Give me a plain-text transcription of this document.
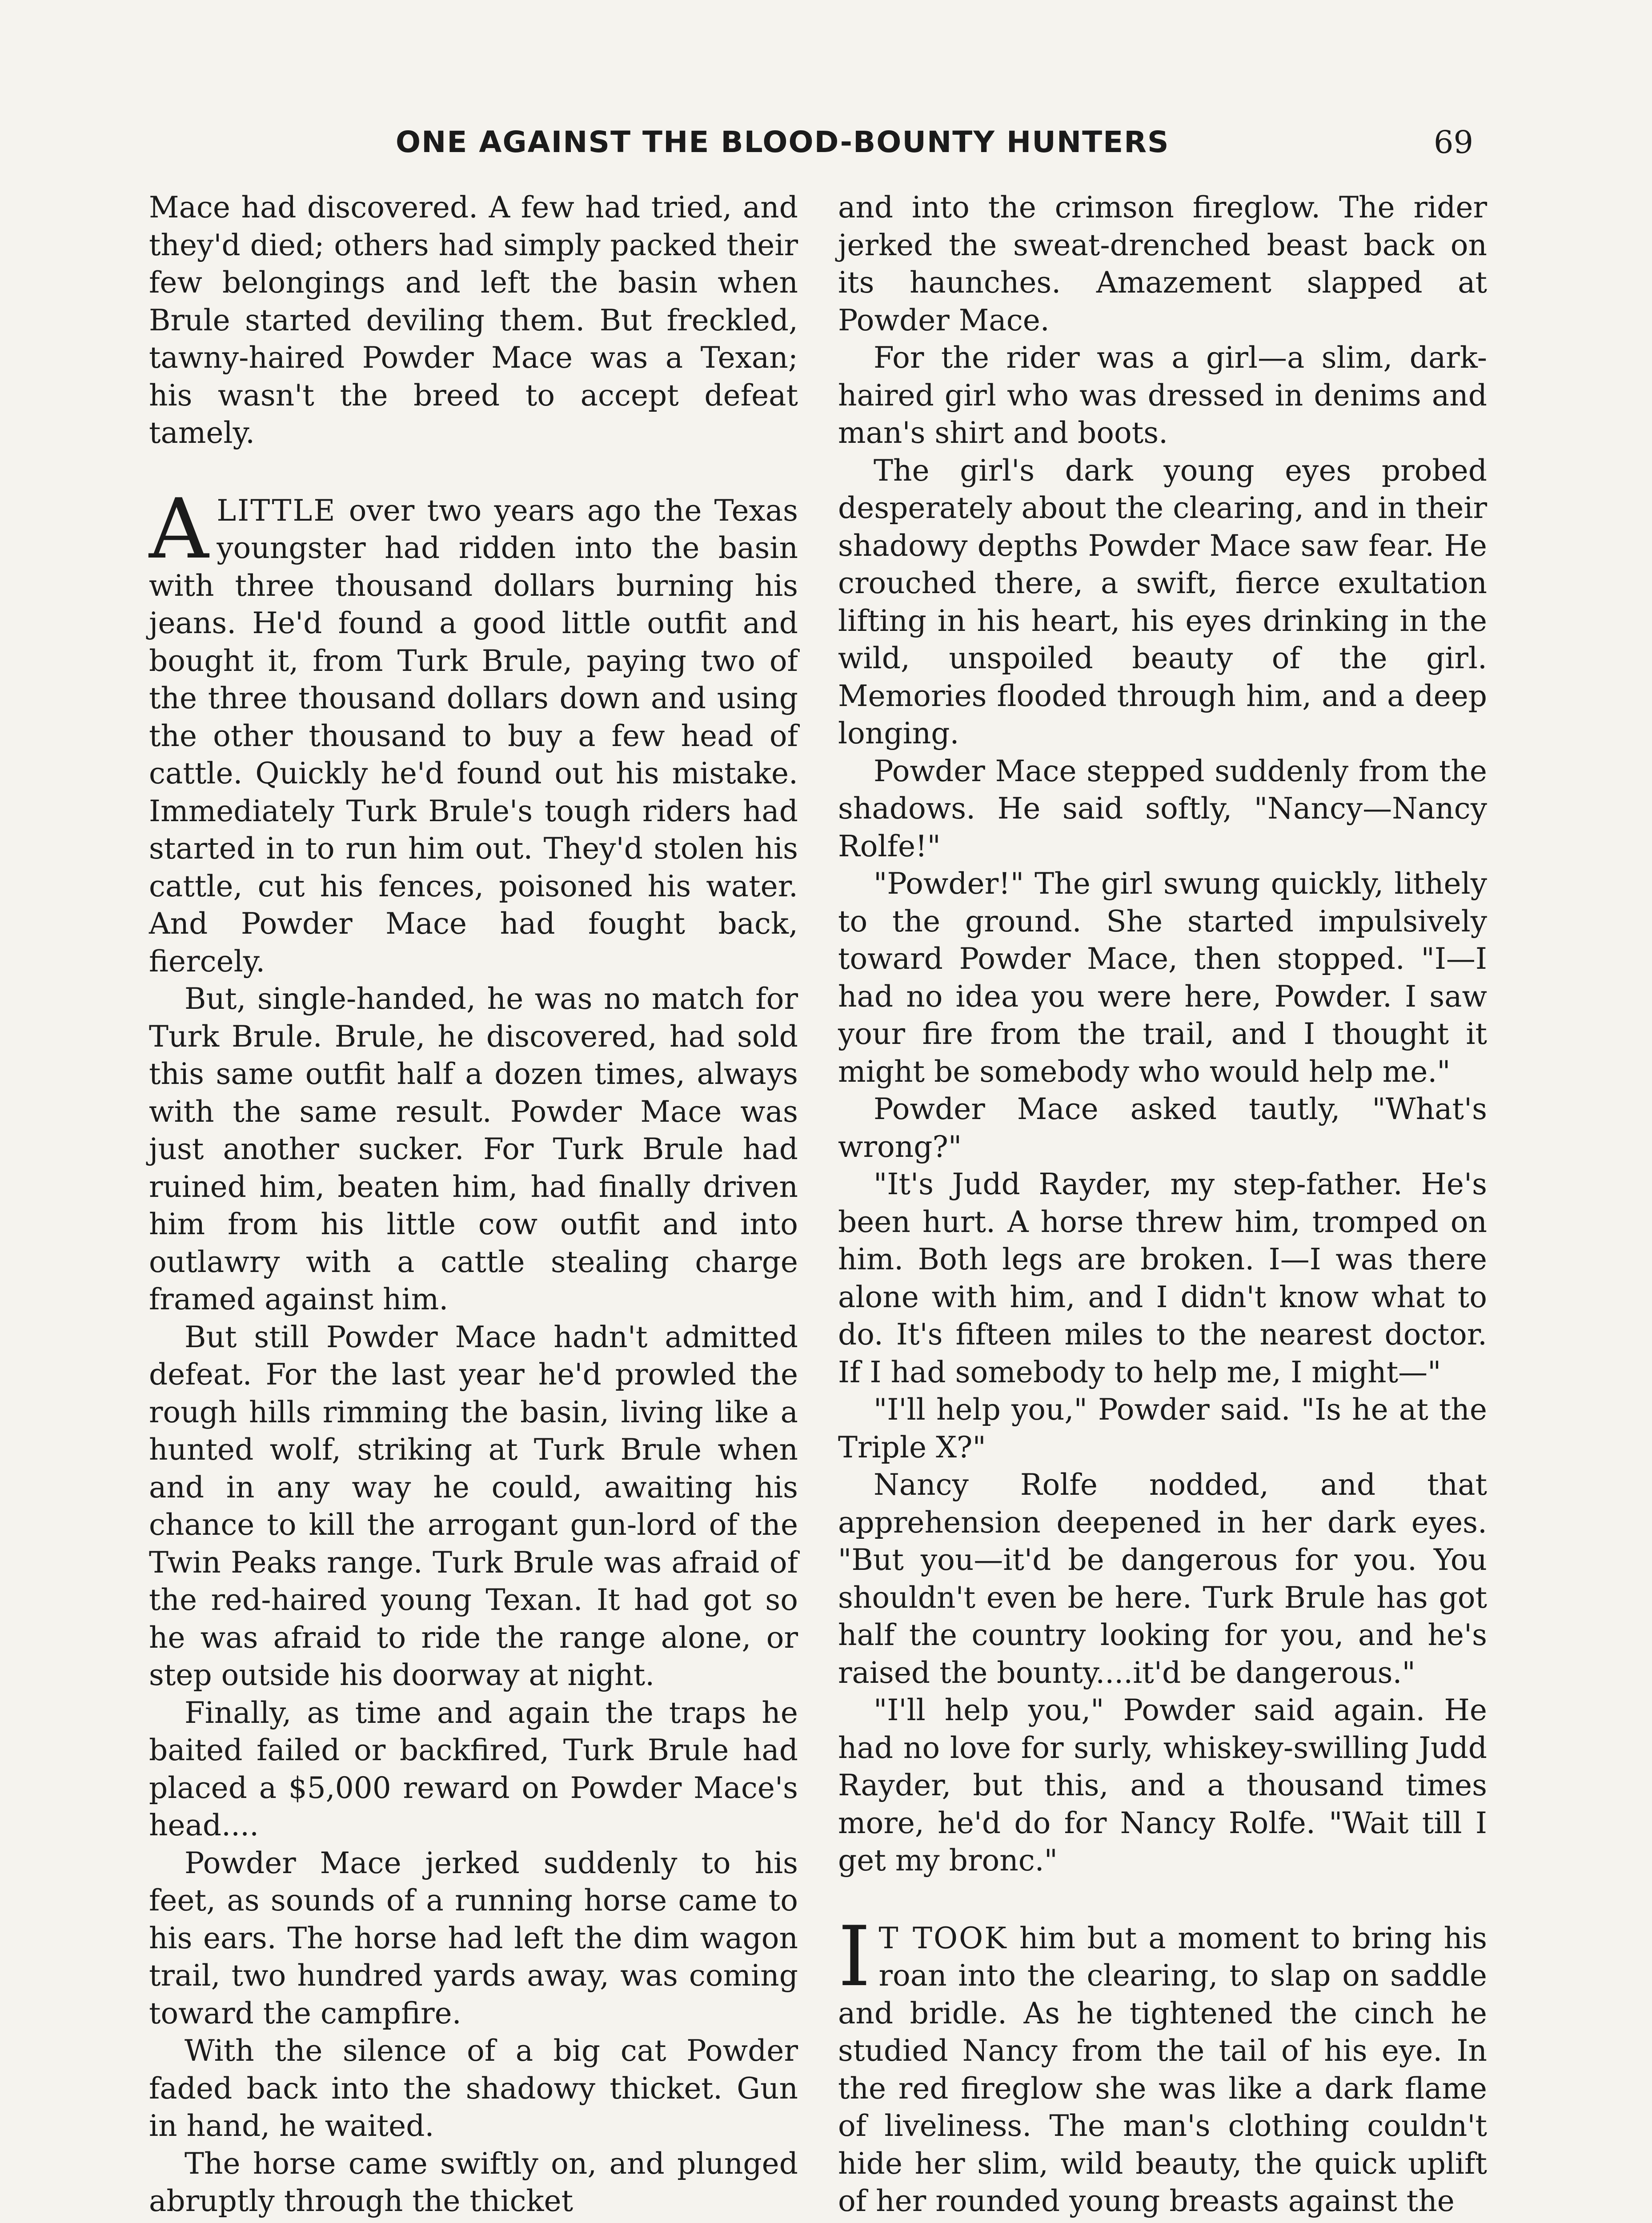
ONE AGAINST THE BLOOD-BOUNTY HUNTERS	69

Mace had discovered. A few had tried, and they'd died; others had simply packed their few belongings and left the basin when Brule started deviling them. But freckled, tawny-haired Powder Mace was a Texan; his wasn't the breed to accept defeat tamely.

ALITTLE over two years ago the Texas youngster had ridden into the basin with three thousand dollars burning his jeans. He'd found a good little outfit and bought it, from Turk Brule, paying two of the three thousand dollars down and using the other thousand to buy a few head of cattle. Quickly he'd found out his mistake. Immediately Turk Brule's tough riders had started in to run him out. They'd stolen his cattle, cut his fences, poisoned his water. And Powder Mace had fought back, fiercely.

But, single-handed, he was no match for Turk Brule. Brule, he discovered, had sold this same outfit half a dozen times, always with the same result. Powder Mace was just another sucker. For Turk Brule had ruined him, beaten him, had finally driven him from his little cow outfit and into outlawry with a cattle stealing charge framed against him.

But still Powder Mace hadn't admitted defeat. For the last year he'd prowled the rough hills rimming the basin, living like a hunted wolf, striking at Turk Brule when and in any way he could, awaiting his chance to kill the arrogant gun-lord of the Twin Peaks range. Turk Brule was afraid of the red-haired young Texan. It had got so he was afraid to ride the range alone, or step outside his doorway at night.

Finally, as time and again the traps he baited failed or backfired, Turk Brule had placed a $5,000 reward on Powder Mace's head....

Powder Mace jerked suddenly to his feet, as sounds of a running horse came to his ears. The horse had left the dim wagon trail, two hundred yards away, was coming toward the campfire.

With the silence of a big cat Powder faded back into the shadowy thicket. Gun in hand, he waited.

The horse came swiftly on, and plunged abruptly through the thicket

and into the crimson fireglow. The rider jerked the sweat-drenched beast back on its haunches. Amazement slapped at Powder Mace.

For the rider was a girl—a slim, dark-haired girl who was dressed in denims and man's shirt and boots.

The girl's dark young eyes probed desperately about the clearing, and in their shadowy depths Powder Mace saw fear. He crouched there, a swift, fierce exultation lifting in his heart, his eyes drinking in the wild, unspoiled beauty of the girl. Memories flooded through him, and a deep longing.

Powder Mace stepped suddenly from the shadows. He said softly, "Nancy—Nancy Rolfe!"

"Powder!" The girl swung quickly, lithely to the ground. She started impulsively toward Powder Mace, then stopped. "I—I had no idea you were here, Powder. I saw your fire from the trail, and I thought it might be somebody who would help me."

Powder Mace asked tautly, "What's wrong?"

"It's Judd Rayder, my step-father. He's been hurt. A horse threw him, tromped on him. Both legs are broken. I—I was there alone with him, and I didn't know what to do. It's fifteen miles to the nearest doctor. If I had somebody to help me, I might—"

"I'll help you," Powder said. "Is he at the Triple X?"

Nancy Rolfe nodded, and that apprehension deepened in her dark eyes. "But you—it'd be dangerous for you. You shouldn't even be here. Turk Brule has got half the country looking for you, and he's raised the bounty....it'd be dangerous."

"I'll help you," Powder said again. He had no love for surly, whiskey-swilling Judd Rayder, but this, and a thousand times more, he'd do for Nancy Rolfe. "Wait till I get my bronc."

I T TOOK him but a moment to bring his roan into the clearing, to slap on saddle and bridle. As he tightened the cinch he studied Nancy from the tail of his eye. In the red fireglow she was like a dark flame of liveliness. The man's clothing couldn't hide her slim, wild beauty, the quick uplift of her rounded young breasts against the
